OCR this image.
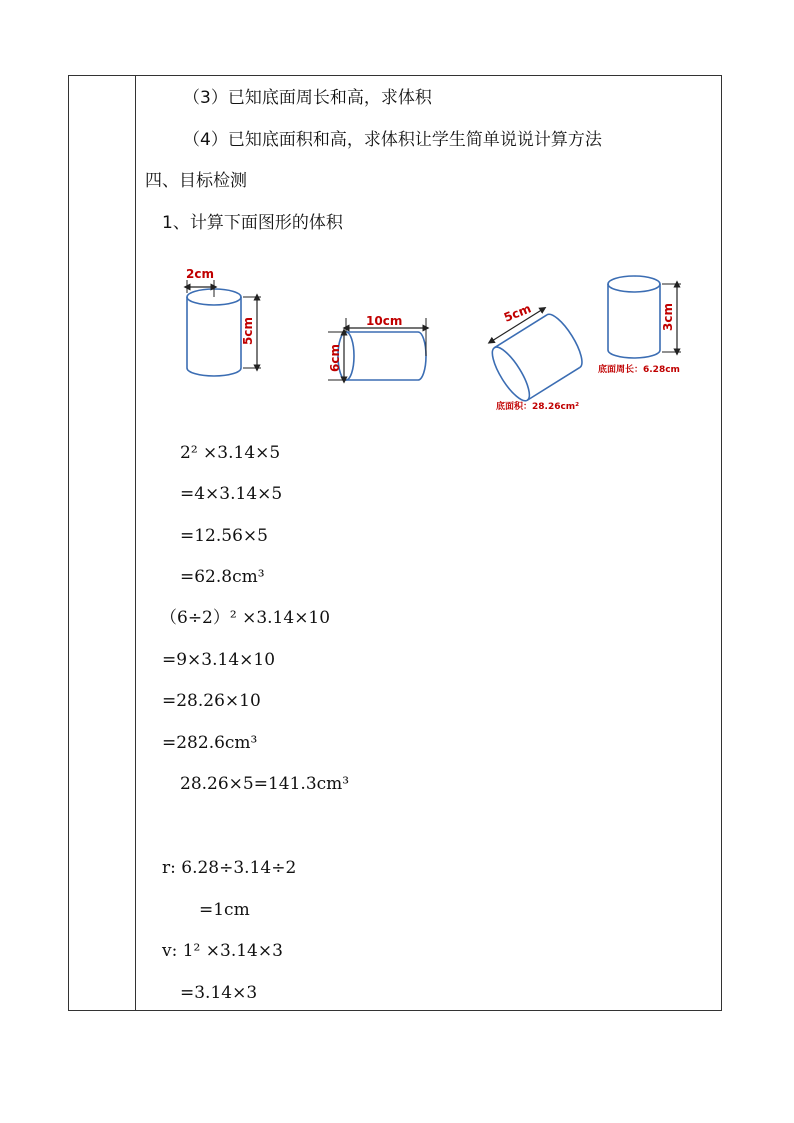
（3）已知底面周长和高，求体积
（4）已知底面积和高，求体积让学生简单说说计算方法
四、目标检测
1、计算下面图形的体积
2cm
5cm	10cm
6cm
5cm
底面积：28.26cm²
3cm
底面周长：6.28cm
2² ×3.14×5
=4×3.14×5
=12.56×5
=62.8cm³
（6÷2）² ×3.14×10
=9×3.14×10
=28.26×10
=282.6cm³
28.26×5=141.3cm³
r: 6.28÷3.14÷2
=1cm
v: 1² ×3.14×3
=3.14×3
